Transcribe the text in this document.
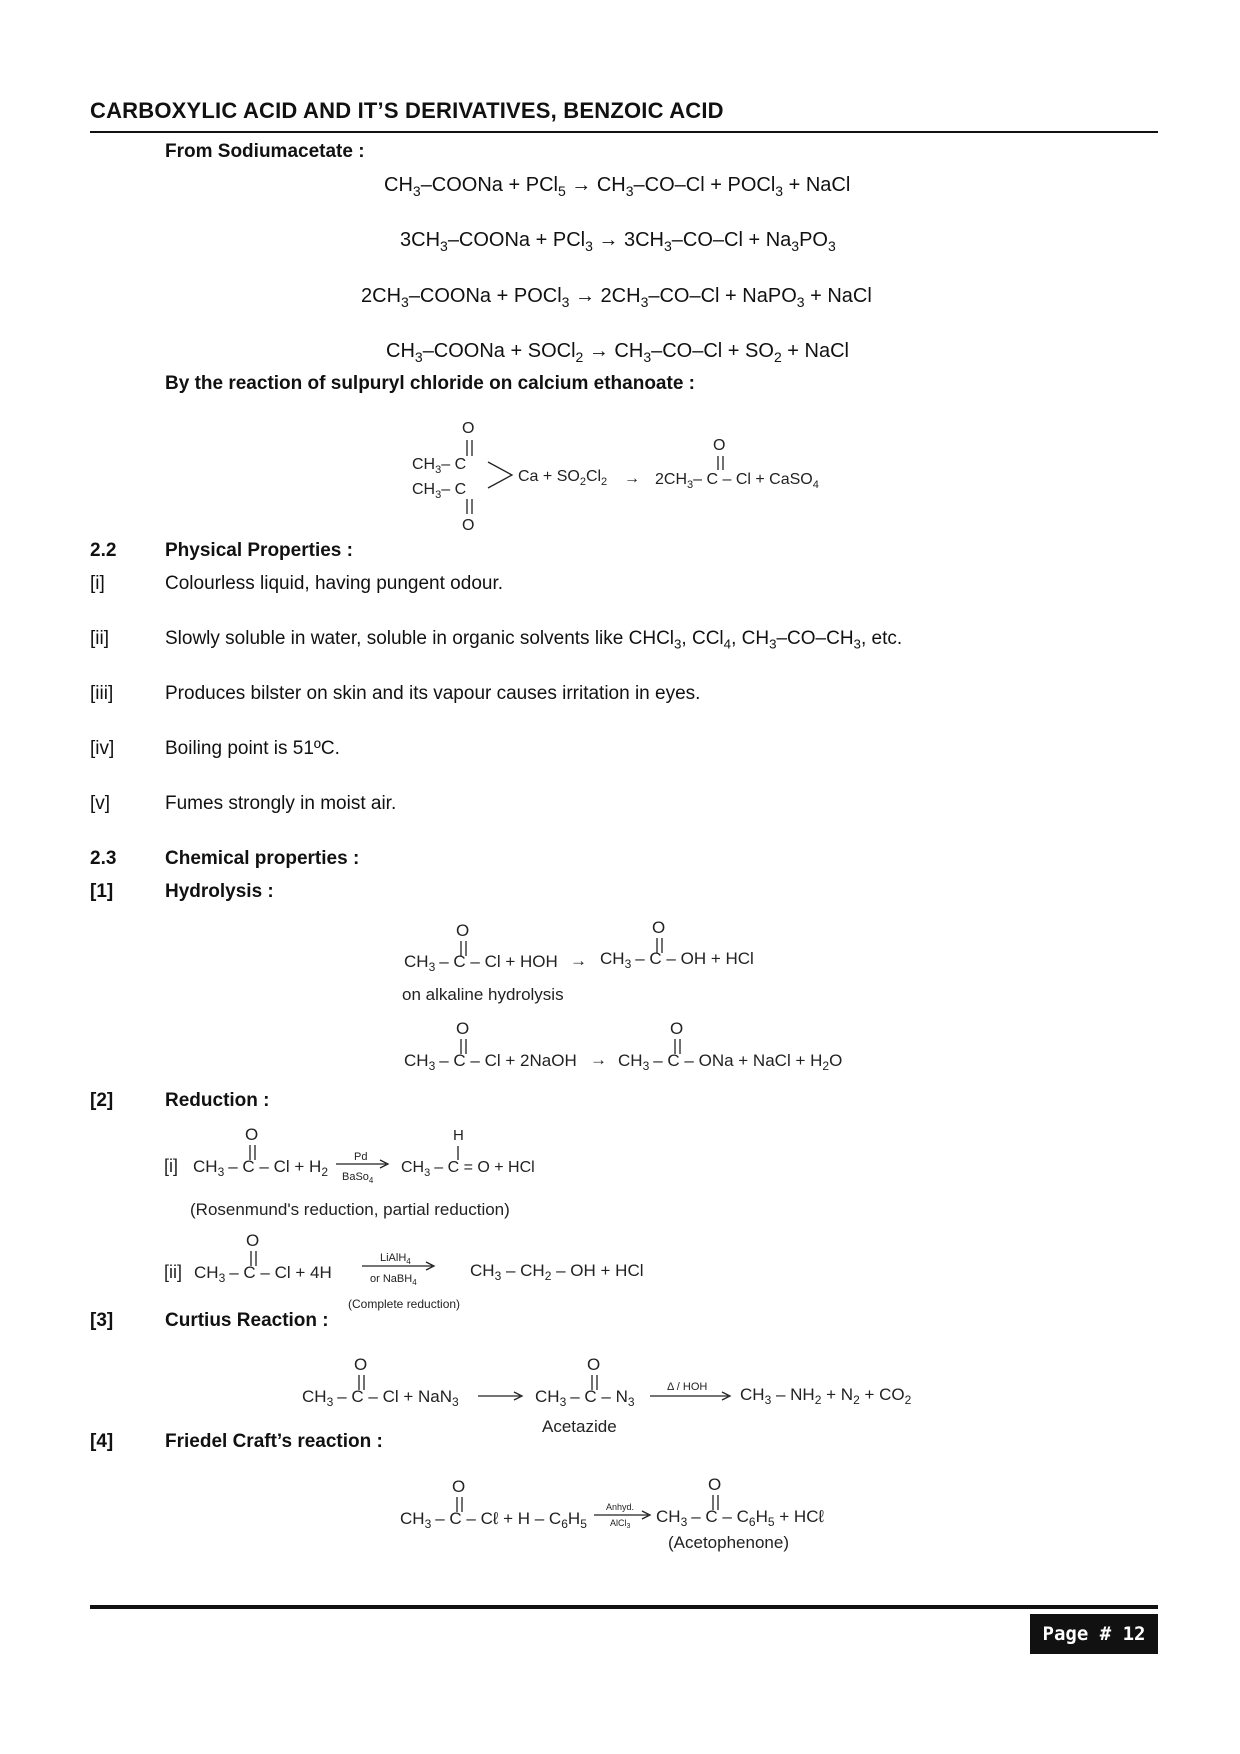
CARBOXYLIC ACID AND IT’S DERIVATIVES, BENZOIC ACID
From Sodiumacetate :
$CH_3$–COONa + $PCl_5 \to CH_3-CO-Cl$ + POCl$_3$ + NaCl
$3CH_3$–COONa + $PCl_3 \to 3CH_3-CO-Cl + Na_3PO_3$
$2CH_3$–COONa + POCl$_3$ → $2CH_3-CO-Cl$ + NaPO$_3$ + NaCl
$CH_3$–COONa + SOCl$_2$ → $CH_3-CO-Cl + SO_2$ + NaCl
By the reaction of sulpuryl chloride on calcium ethanoate :
O
$CH_3-$ C
$CH_3-$ C
O
$Ca + SO_2Cl_2$ →
O
$2CH_3-$ C – Cl + CaSO$_4$
2.2	Physical Properties :
[i]	Colourless liquid, having pungent odour.
[ii]	Slowly soluble in water, soluble in organic solvents like CHCl$_3$, CCl$_4$, $CH_3-CO-CH_3$, etc.
[iii]	Produces bilster on skin and its vapour causes irritation in eyes.
[iv]	Boiling point is 51ºC.
[v]	Fumes strongly in moist air.
2.3	Chemical properties :
[1]	Hydrolysis :
[2]	Reduction :
[3]	Curtius Reaction :
[4]	Friedel Craft’s reaction :
O
$CH_3$ – C – Cl + HOH →
O
$CH_3$ – C – OH + HCl
on alkaline hydrolysis
O
$CH_3$ – C – Cl + 2NaOH →
O
$CH_3$ – C – ONa + NaCl + $H_2O$
[i]
O
$CH_3 - C - Cl + H_2$
Pd
BaSo$_4$
H
$CH_3 - C = O$ + HCl
(Rosenmund's reduction, partial reduction)
[ii]
O
$CH_3 - C - Cl + 4H$
LiAlH$_4$
or NaBH$_4$
$CH_3 - CH_2$ – OH + HCl
(Complete reduction)
O
$CH_3 - C - Cl + NaN_3$
O
$CH_3$ – C – $N_3$
Δ / HOH $CH_3 - NH_2 + N_2 + CO_2$
Acetazide
O
$CH_3$ – C – Cℓ + H – $C_6H_5$
Anhyd.
AlCl$_3$
O
$CH_3$ – C – $C_6H_5$ + HCℓ
(Acetophenone)
Page # 12
